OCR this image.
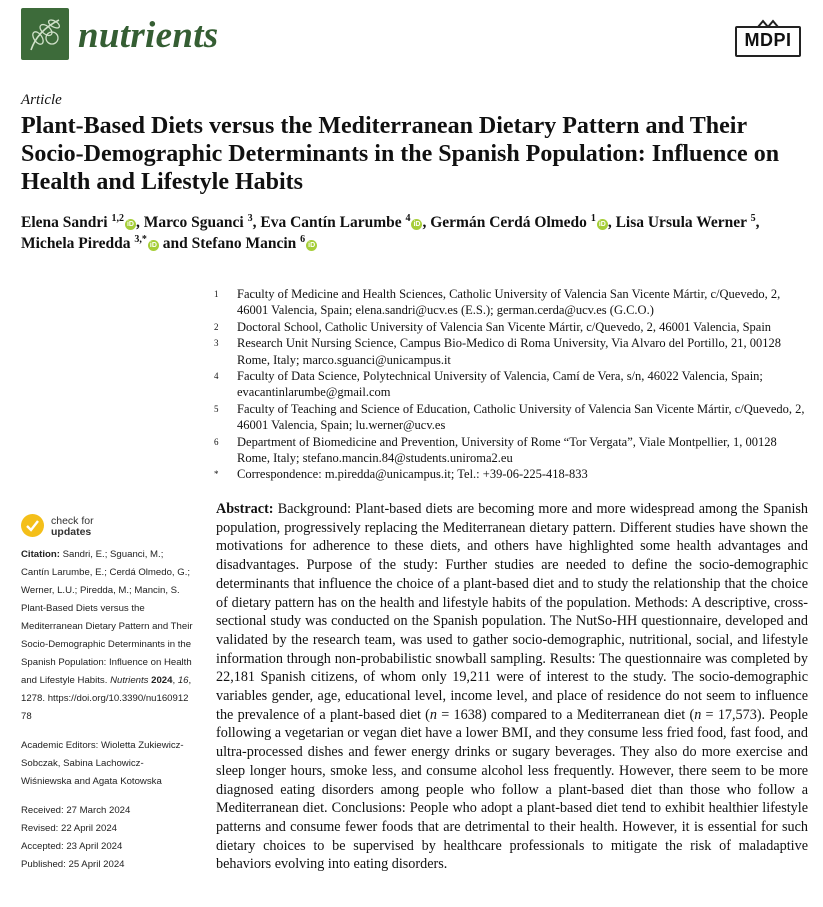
nutrients	MDPI
Article
Plant-Based Diets versus the Mediterranean Dietary Pattern and Their Socio-Demographic Determinants in the Spanish Population: Influence on Health and Lifestyle Habits
Elena Sandri $^{1,2}$iD , Marco Sguanci $^3$, Eva Cantín Larumbe $^4$iD , Germán Cerdá Olmedo $^1$iD , Lisa Ursula Werner $^5$,
Michela Piredda $^{3,*}$iD and Stefano Mancin $^6$iD
1 Faculty of Medicine and Health Sciences, Catholic University of Valencia San Vicente Mártir, c/Quevedo, 2, 46001 Valencia, Spain; elena.sandri@ucv.es (E.S.); german.cerda@ucv.es (G.C.O.)
2 Doctoral School, Catholic University of Valencia San Vicente Mártir, c/Quevedo, 2, 46001 Valencia, Spain
3 Research Unit Nursing Science, Campus Bio-Medico di Roma University, Via Alvaro del Portillo, 21, 00128 Rome, Italy; marco.sguanci@unicampus.it
4 Faculty of Data Science, Polytechnical University of Valencia, Camí de Vera, s/n, 46022 Valencia, Spain; evacantinlarumbe@gmail.com
5 Faculty of Teaching and Science of Education, Catholic University of Valencia San Vicente Mártir, c/Quevedo, 2, 46001 Valencia, Spain; lu.werner@ucv.es
6 Department of Biomedicine and Prevention, University of Rome “Tor Vergata”, Viale Montpellier, 1, 00128 Rome, Italy; stefano.mancin.84@students.uniroma2.eu
* Correspondence: m.piredda@unicampus.it; Tel.: +39-06-225-418-833
check for
updates

Citation: Sandri, E.; Sguanci, M.; Cantín Larumbe, E.; Cerdá Olmedo, G.; Werner, L.U.; Piredda, M.; Mancin, S. Plant-Based Diets versus the Mediterranean Dietary Pattern and Their Socio-Demographic Determinants in the Spanish Population: Influence on Health and Lifestyle Habits. Nutrients 2024, 16, 1278. https://doi.org/10.3390/nu16091278

Academic Editors: Wioletta Zukiewicz-Sobczak, Sabina Lachowicz-Wiśniewska and Agata Kotowska

Received: 27 March 2024

Revised: 22 April 2024

Accepted: 23 April 2024

Published: 25 April 2024

Abstract: Background: Plant-based diets are becoming more and more widespread among the Spanish population, progressively replacing the Mediterranean dietary pattern. Different studies have shown the motivations for adherence to these diets, and others have highlighted some health advantages and disadvantages. Purpose of the study: Further studies are needed to define the socio-demographic determinants that influence the choice of a plant-based diet and to study the relationship that the choice of dietary pattern has on the health and lifestyle habits of the population. Methods: A descriptive, cross-sectional study was conducted on the Spanish population. The NutSo-HH questionnaire, developed and validated by the research team, was used to gather socio-demographic, nutritional, social, and lifestyle information through non-probabilistic snowball sampling. Results: The questionnaire was completed by 22,181 Spanish citizens, of whom only 19,211 were of interest to the study. The socio-demographic variables gender, age, educational level, income level, and place of residence do not seem to influence the prevalence of a plant-based diet (n = 1638) compared to a Mediterranean diet (n = 17,573). People following a vegetarian or vegan diet have a lower BMI, and they consume less fried food, fast food, and ultra-processed dishes and fewer energy drinks or sugary beverages. They also do more exercise and sleep longer hours, smoke less, and consume alcohol less frequently. However, there seem to be more diagnosed eating disorders among people who follow a plant-based diet than those who follow a Mediterranean diet. Conclusions: People who adopt a plant-based diet tend to exhibit healthier lifestyle patterns and consume fewer foods that are detrimental to their health. However, it is essential for such dietary choices to be supervised by healthcare professionals to mitigate the risk of maladaptive behaviors evolving into eating disorders.
